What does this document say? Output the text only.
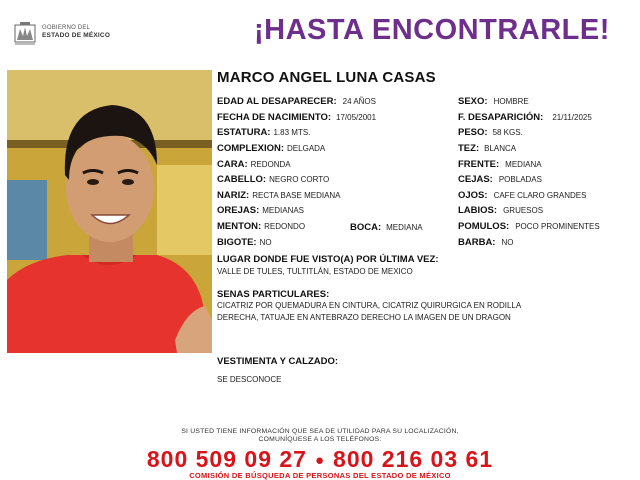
GOBIERNO DEL
ESTADO DE MÉXICO	¡HASTA ENCONTRARLE!
MARCO ANGEL LUNA CASAS
EDAD AL DESAPARECER: 24 AÑOS
FECHA DE NACIMIENTO: 17/05/2001
ESTATURA: 1.83 MTS.
COMPLEXION: DELGADA
CARA: REDONDA
CABELLO: NEGRO CORTO
NARIZ: RECTA BASE MEDIANA
OREJAS: MEDIANAS
MENTON: REDONDO	BOCA: MEDIANA
BIGOTE: NO
SEXO: HOMBRE
F. DESAPARICIÓN: 21/11/2025
PESO: 58 KGS.
TEZ: BLANCA
FRENTE: MEDIANA
CEJAS: POBLADAS
OJOS: CAFE CLARO GRANDES
LABIOS: GRUESOS
POMULOS: POCO PROMINENTES
BARBA: NO
LUGAR DONDE FUE VISTO(A) POR ÚLTIMA VEZ:
VALLE DE TULES, TULTITLÁN, ESTADO DE MEXICO
SENAS PARTICULARES:
CICATRIZ POR QUEMADURA EN CINTURA, CICATRIZ QUIRURGICA EN RODILLA
DERECHA, TATUAJE EN ANTEBRAZO DERECHO LA IMAGEN DE UN DRAGON
VESTIMENTA Y CALZADO:
SE DESCONOCE
SI USTED TIENE INFORMACIÓN QUE SEA DE UTILIDAD PARA SU LOCALIZACIÓN,
COMUNÍQUESE A LOS TELÉFONOS:
800 509 09 27 ● 800 216 03 61
COMISIÓN DE BÚSQUEDA DE PERSONAS DEL ESTADO DE MÉXICO
